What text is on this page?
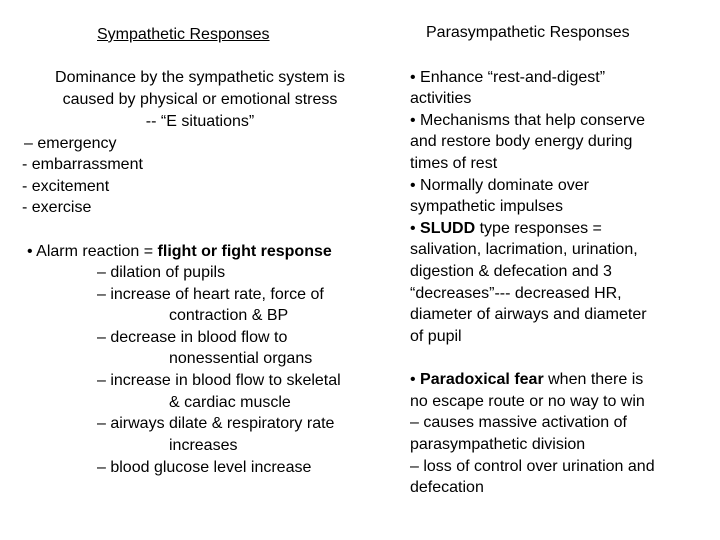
Sympathetic Responses
Dominance by the sympathetic system is
caused by physical or emotional stress
-- “E situations”
– emergency
- embarrassment
- excitement
- exercise
• Alarm reaction = flight or fight response
– dilation of pupils
– increase of heart rate, force of
contraction & BP
– decrease in blood flow to
nonessential organs
– increase in blood flow to skeletal
& cardiac muscle
– airways dilate & respiratory rate
increases
– blood glucose level increase
Parasympathetic Responses
• Enhance “rest-and-digest”
activities
• Mechanisms that help conserve
and restore body energy during
times of rest
• Normally dominate over
sympathetic impulses
• SLUDD type responses =
salivation, lacrimation, urination,
digestion & defecation and 3
“decreases”--- decreased HR,
diameter of airways and diameter
of pupil
• Paradoxical fear when there is
no escape route or no way to win
– causes massive activation of
parasympathetic division
– loss of control over urination and
defecation
